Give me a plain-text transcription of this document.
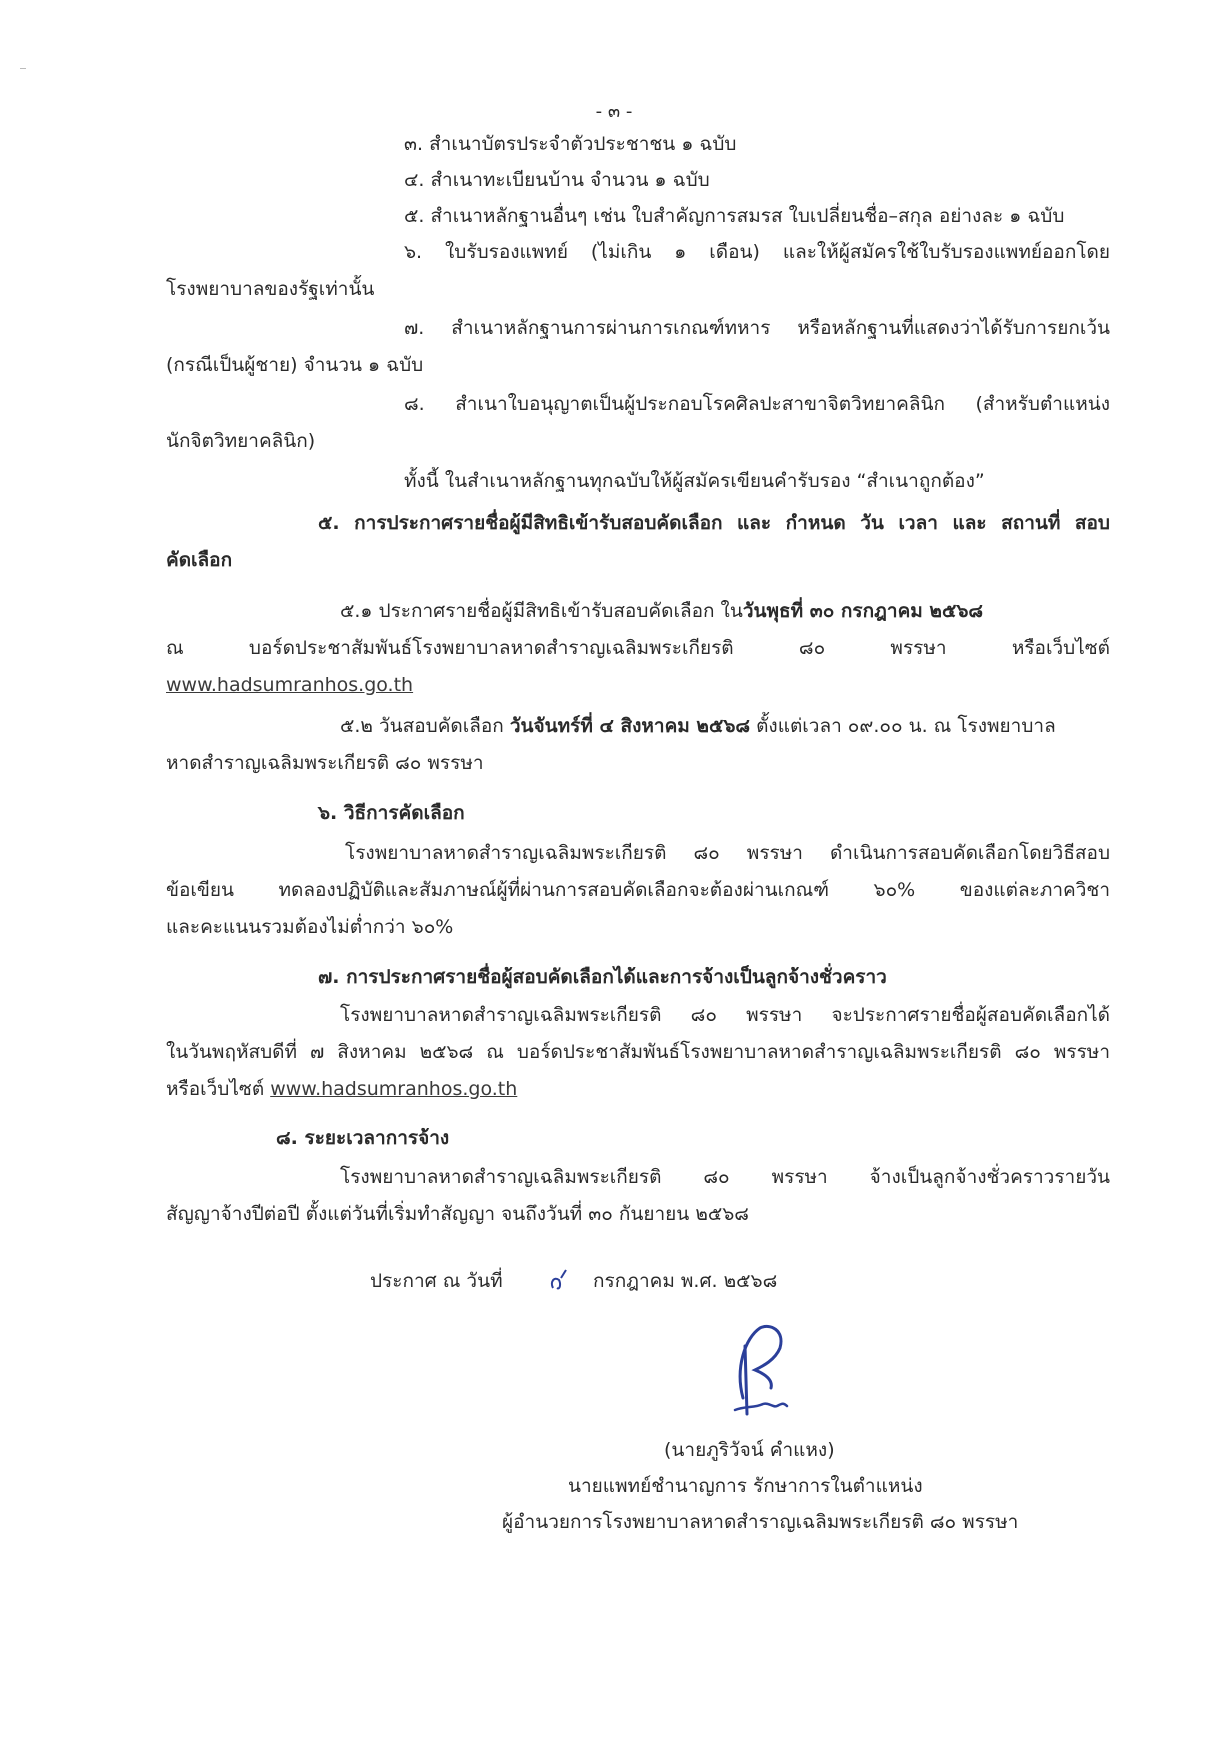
- ๓ -
๓. สำเนาบัตรประจำตัวประชาชน ๑ ฉบับ
๔. สำเนาทะเบียนบ้าน จำนวน ๑ ฉบับ
๕. สำเนาหลักฐานอื่นๆ เช่น ใบสำคัญการสมรส ใบเปลี่ยนชื่อ–สกุล อย่างละ ๑ ฉบับ
๖. ใบรับรองแพทย์ (ไม่เกิน ๑ เดือน) และให้ผู้สมัครใช้ใบรับรองแพทย์ออกโดย
โรงพยาบาลของรัฐเท่านั้น
๗. สำเนาหลักฐานการผ่านการเกณฑ์ทหาร หรือหลักฐานที่แสดงว่าได้รับการยกเว้น
(กรณีเป็นผู้ชาย) จำนวน ๑ ฉบับ
๘. สำเนาใบอนุญาตเป็นผู้ประกอบโรคศิลปะสาขาจิตวิทยาคลินิก (สำหรับตำแหน่ง
นักจิตวิทยาคลินิก)
ทั้งนี้ ในสำเนาหลักฐานทุกฉบับให้ผู้สมัครเขียนคำรับรอง “สำเนาถูกต้อง”
๕. การประกาศรายชื่อผู้มีสิทธิเข้ารับสอบคัดเลือก และ กำหนด วัน เวลา และ สถานที่ สอบ
คัดเลือก
๕.๑ ประกาศรายชื่อผู้มีสิทธิเข้ารับสอบคัดเลือก ในวันพุธที่ ๓๐ กรกฎาคม ๒๕๖๘
ณ บอร์ดประชาสัมพันธ์โรงพยาบาลหาดสำราญเฉลิมพระเกียรติ ๘๐ พรรษา หรือเว็บไซต์
www.hadsumranhos.go.th
๕.๒ วันสอบคัดเลือก วันจันทร์ที่ ๔ สิงหาคม ๒๕๖๘ ตั้งแต่เวลา ๐๙.๐๐ น. ณ โรงพยาบาล
หาดสำราญเฉลิมพระเกียรติ ๘๐ พรรษา
๖. วิธีการคัดเลือก
โรงพยาบาลหาดสำราญเฉลิมพระเกียรติ ๘๐ พรรษา ดำเนินการสอบคัดเลือกโดยวิธีสอบ
ข้อเขียน ทดลองปฏิบัติและสัมภาษณ์ผู้ที่ผ่านการสอบคัดเลือกจะต้องผ่านเกณฑ์ ๖๐% ของแต่ละภาควิชา
และคะแนนรวมต้องไม่ต่ำกว่า ๖๐%
๗. การประกาศรายชื่อผู้สอบคัดเลือกได้และการจ้างเป็นลูกจ้างชั่วคราว
โรงพยาบาลหาดสำราญเฉลิมพระเกียรติ ๘๐ พรรษา จะประกาศรายชื่อผู้สอบคัดเลือกได้
ในวันพฤหัสบดีที่ ๗ สิงหาคม ๒๕๖๘ ณ บอร์ดประชาสัมพันธ์โรงพยาบาลหาดสำราญเฉลิมพระเกียรติ ๘๐ พรรษา
หรือเว็บไซต์ www.hadsumranhos.go.th
๘. ระยะเวลาการจ้าง
โรงพยาบาลหาดสำราญเฉลิมพระเกียรติ ๘๐ พรรษา จ้างเป็นลูกจ้างชั่วคราวรายวัน
สัญญาจ้างปีต่อปี ตั้งแต่วันที่เริ่มทำสัญญา จนถึงวันที่ ๓๐ กันยายน ๒๕๖๘
ประกาศ ณ วันที่	กรกฎาคม พ.ศ. ๒๕๖๘
(นายภูริวัจน์ คำแหง)
นายแพทย์ชำนาญการ รักษาการในตำแหน่ง
ผู้อำนวยการโรงพยาบาลหาดสำราญเฉลิมพระเกียรติ ๘๐ พรรษา
